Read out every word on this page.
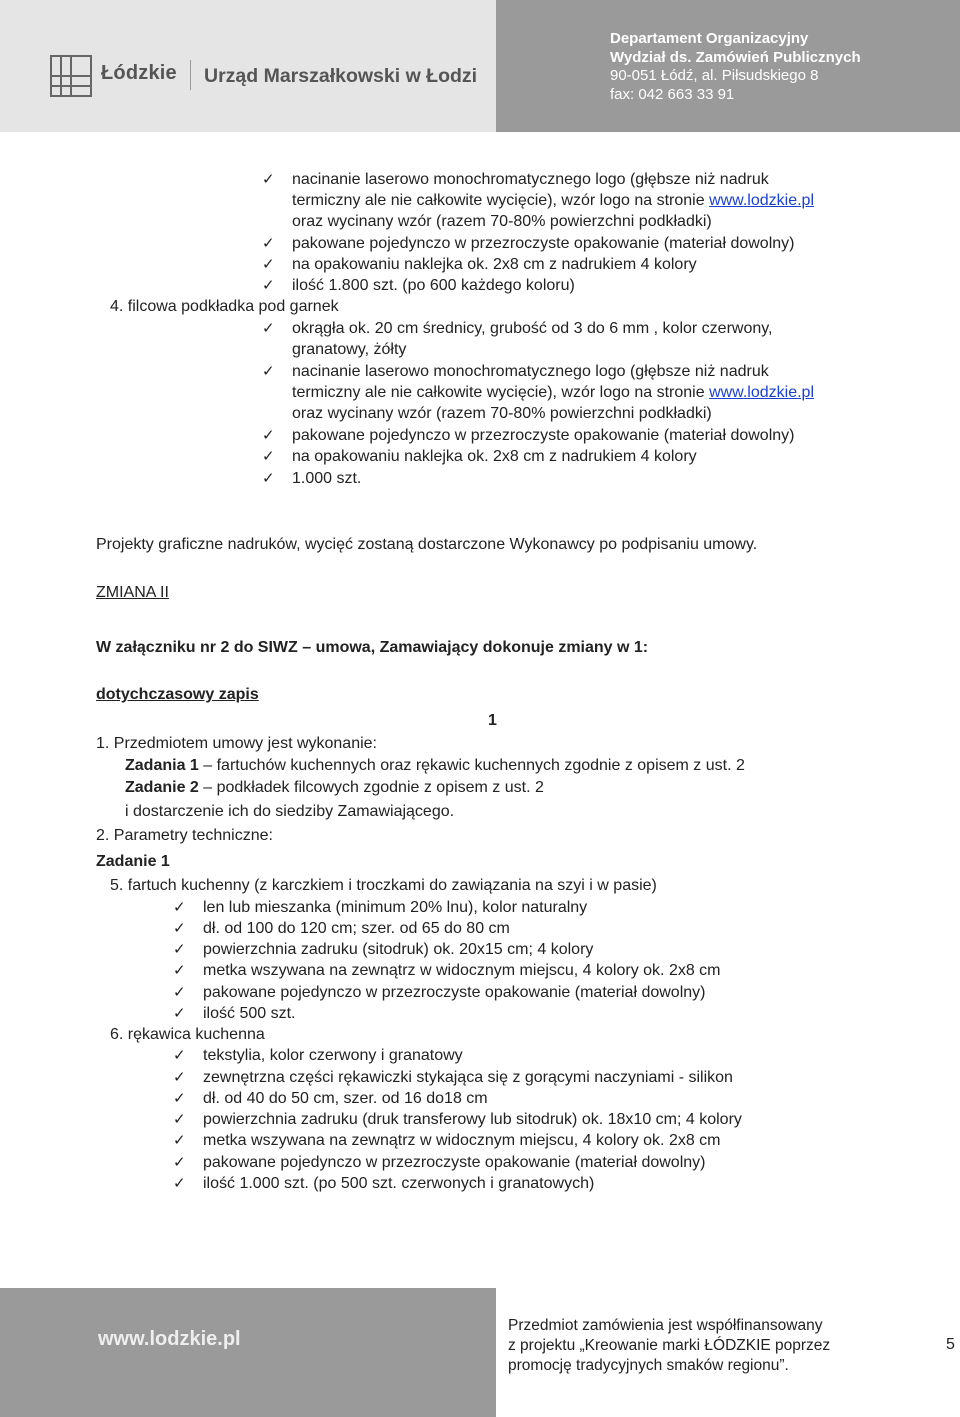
Łódzkie Urząd Marszałkowski w Łodzi
Departament Organizacyjny
Wydział ds. Zamówień Publicznych
90-051 Łódź, al. Piłsudskiego 8
fax: 042 663 33 91
✓ nacinanie laserowo monochromatycznego logo (głębsze niż nadruk
termiczny ale nie całkowite wycięcie), wzór logo na stronie www.lodzkie.pl
oraz wycinany wzór (razem 70-80% powierzchni podkładki)
✓ pakowane pojedynczo w przezroczyste opakowanie (materiał dowolny)
✓ na opakowaniu naklejka ok. 2x8 cm z nadrukiem 4 kolory
✓ ilość 1.800 szt. (po 600 każdego koloru)
4. filcowa podkładka pod garnek
✓ okrągła ok. 20 cm średnicy, grubość od 3 do 6 mm , kolor czerwony,
granatowy, żółty
✓ nacinanie laserowo monochromatycznego logo (głębsze niż nadruk
termiczny ale nie całkowite wycięcie), wzór logo na stronie www.lodzkie.pl
oraz wycinany wzór (razem 70-80% powierzchni podkładki)
✓ pakowane pojedynczo w przezroczyste opakowanie (materiał dowolny)
✓ na opakowaniu naklejka ok. 2x8 cm z nadrukiem 4 kolory
✓ 1.000 szt.
Projekty graficzne nadruków, wycięć zostaną dostarczone Wykonawcy po podpisaniu umowy.
ZMIANA II
W załączniku nr 2 do SIWZ – umowa, Zamawiający dokonuje zmiany w 1:
dotychczasowy zapis
1
1. Przedmiotem umowy jest wykonanie:
Zadania 1 – fartuchów kuchennych oraz rękawic kuchennych zgodnie z opisem z ust. 2
Zadanie 2 – podkładek filcowych zgodnie z opisem z ust. 2
i dostarczenie ich do siedziby Zamawiającego.
2. Parametry techniczne:
Zadanie 1
5. fartuch kuchenny (z karczkiem i troczkami do zawiązania na szyi i w pasie)
✓ len lub mieszanka (minimum 20% lnu), kolor naturalny
✓ dł. od 100 do 120 cm; szer. od 65 do 80 cm
✓ powierzchnia zadruku (sitodruk) ok. 20x15 cm; 4 kolory
✓ metka wszywana na zewnątrz w widocznym miejscu, 4 kolory ok. 2x8 cm
✓ pakowane pojedynczo w przezroczyste opakowanie (materiał dowolny)
✓ ilość 500 szt.
6. rękawica kuchenna
✓ tekstylia, kolor czerwony i granatowy
✓ zewnętrzna części rękawiczki stykająca się z gorącymi naczyniami - silikon
✓ dł. od 40 do 50 cm, szer. od 16 do18 cm
✓ powierzchnia zadruku (druk transferowy lub sitodruk) ok. 18x10 cm; 4 kolory
✓ metka wszywana na zewnątrz w widocznym miejscu, 4 kolory ok. 2x8 cm
✓ pakowane pojedynczo w przezroczyste opakowanie (materiał dowolny)
✓ ilość 1.000 szt. (po 500 szt. czerwonych i granatowych)
www.lodzkie.pl
Przedmiot zamówienia jest współfinansowany
z projektu „Kreowanie marki ŁÓDZKIE poprzez
promocję tradycyjnych smaków regionu”.
5
